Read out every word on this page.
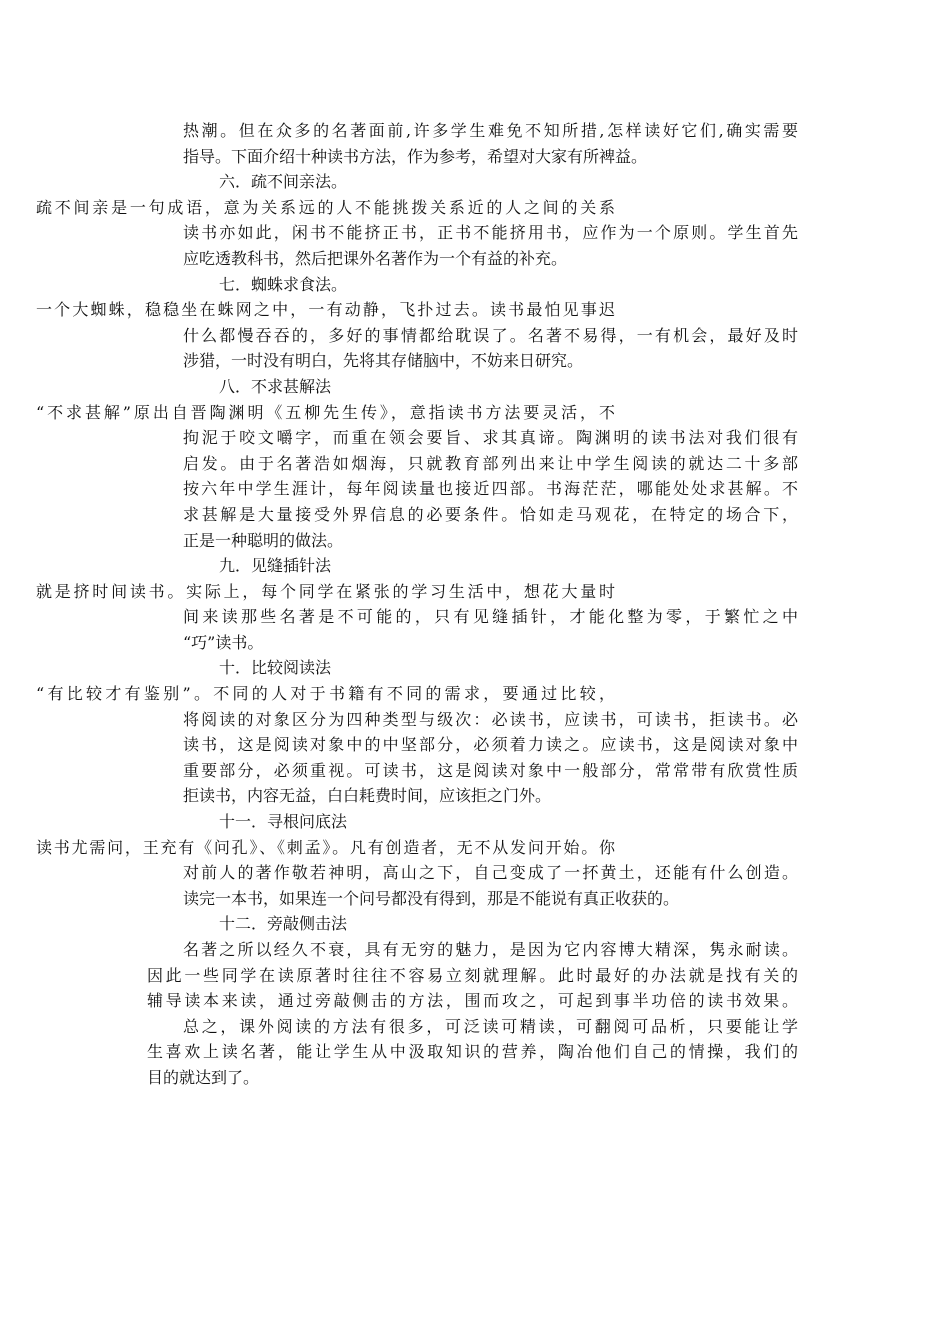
热潮。但在众多的名著面前,许多学生难免不知所措,怎样读好它们,确实需要
指导。下面介绍十种读书方法，作为参考，希望对大家有所裨益。
六．疏不间亲法。
疏不间亲是一句成语，意为关系远的人不能挑拨关系近的人之间的关系
读书亦如此，闲书不能挤正书，正书不能挤用书，应作为一个原则。学生首先
应吃透教科书，然后把课外名著作为一个有益的补充。
七．蜘蛛求食法。
一个大蜘蛛，稳稳坐在蛛网之中，一有动静，飞扑过去。读书最怕见事迟
什么都慢吞吞的，多好的事情都给耽误了。名著不易得，一有机会，最好及时
涉猎，一时没有明白，先将其存储脑中，不妨来日研究。
八．不求甚解法
“不求甚解”原出自晋陶渊明《五柳先生传》，意指读书方法要灵活，不
拘泥于咬文嚼字，而重在领会要旨、求其真谛。陶渊明的读书法对我们很有
启发。由于名著浩如烟海，只就教育部列出来让中学生阅读的就达二十多部
按六年中学生涯计，每年阅读量也接近四部。书海茫茫，哪能处处求甚解。不
求甚解是大量接受外界信息的必要条件。恰如走马观花，在特定的场合下，
正是一种聪明的做法。
九．见缝插针法
就是挤时间读书。实际上，每个同学在紧张的学习生活中，想花大量时
间来读那些名著是不可能的，只有见缝插针，才能化整为零，于繁忙之中
“巧”读书。
十．比较阅读法
“有比较才有鉴别”。不同的人对于书籍有不同的需求，要通过比较，
将阅读的对象区分为四种类型与级次：必读书，应读书，可读书，拒读书。必
读书，这是阅读对象中的中坚部分，必须着力读之。应读书，这是阅读对象中
重要部分，必须重视。可读书，这是阅读对象中一般部分，常常带有欣赏性质
拒读书，内容无益，白白耗费时间，应该拒之门外。
十一．寻根问底法
读书尤需问，王充有《问孔》、《刺孟》。凡有创造者，无不从发问开始。你
对前人的著作敬若神明，高山之下，自己变成了一抔黄土，还能有什么创造。
读完一本书，如果连一个问号都没有得到，那是不能说有真正收获的。
十二．旁敲侧击法
名著之所以经久不衰，具有无穷的魅力，是因为它内容博大精深，隽永耐读。
因此一些同学在读原著时往往不容易立刻就理解。此时最好的办法就是找有关的
辅导读本来读，通过旁敲侧击的方法，围而攻之，可起到事半功倍的读书效果。
总之，课外阅读的方法有很多，可泛读可精读，可翻阅可品析，只要能让学
生喜欢上读名著，能让学生从中汲取知识的营养，陶冶他们自己的情操，我们的
目的就达到了。
